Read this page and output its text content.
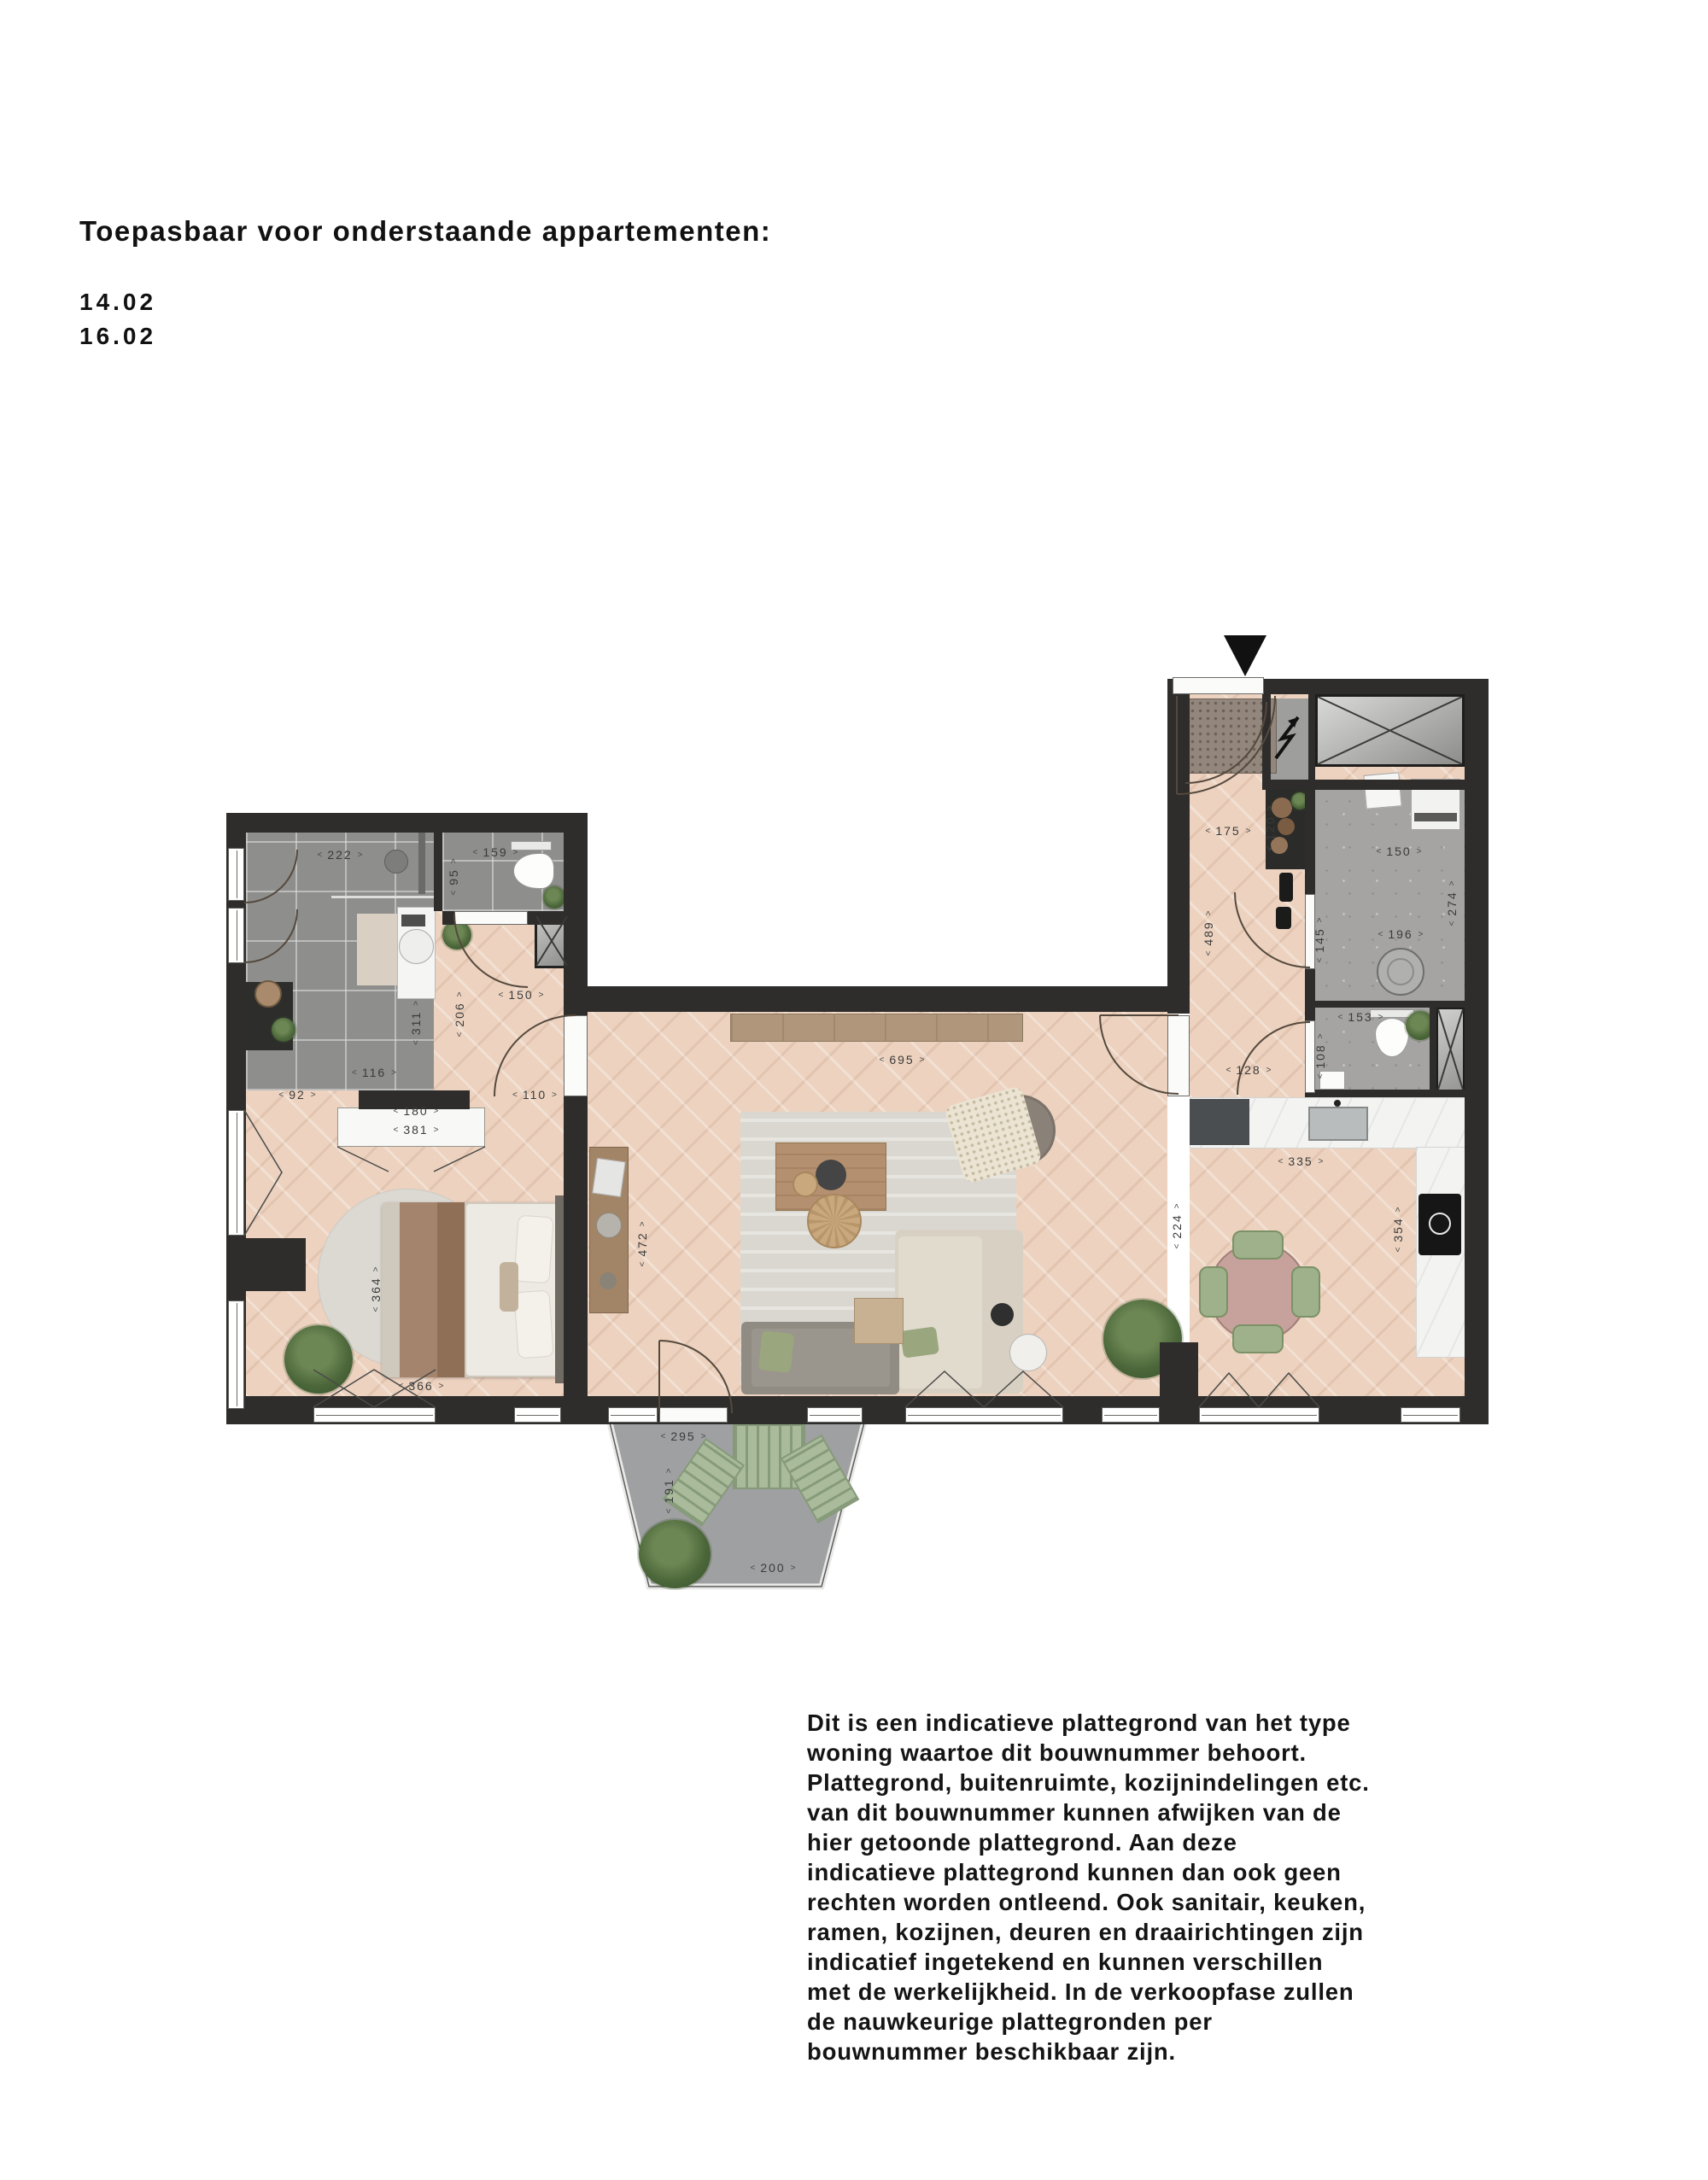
Toepasbaar voor onderstaande appartementen:
14.02
16.02
< 222 >	< 159 >
<
95
>
< 150 >
<
206
>
<
311
>
< 116 >
< 92 >
< 180 >
< 381 >
< 110 >
<
364
>
< 366 >
<
472
>
< 695 >
<
224
>
< 295 >
<
191
>
< 200 >
< 175 >
<
120
>
<
489
>
< 150 >
<
274
>
<
145
>
< 196 >
< 153 >
<
108
>
< 128 >
< 335 >
<
354
>
Dit is een indicatieve plattegrond van het type
woning waartoe dit bouwnummer behoort.
Plattegrond, buitenruimte, kozijnindelingen etc.
van dit bouwnummer kunnen afwijken van de
hier getoonde plattegrond. Aan deze
indicatieve plattegrond kunnen dan ook geen
rechten worden ontleend. Ook sanitair, keuken,
ramen, kozijnen, deuren en draairichtingen zijn
indicatief ingetekend en kunnen verschillen
met de werkelijkheid. In de verkoopfase zullen
de nauwkeurige plattegronden per
bouwnummer beschikbaar zijn.
